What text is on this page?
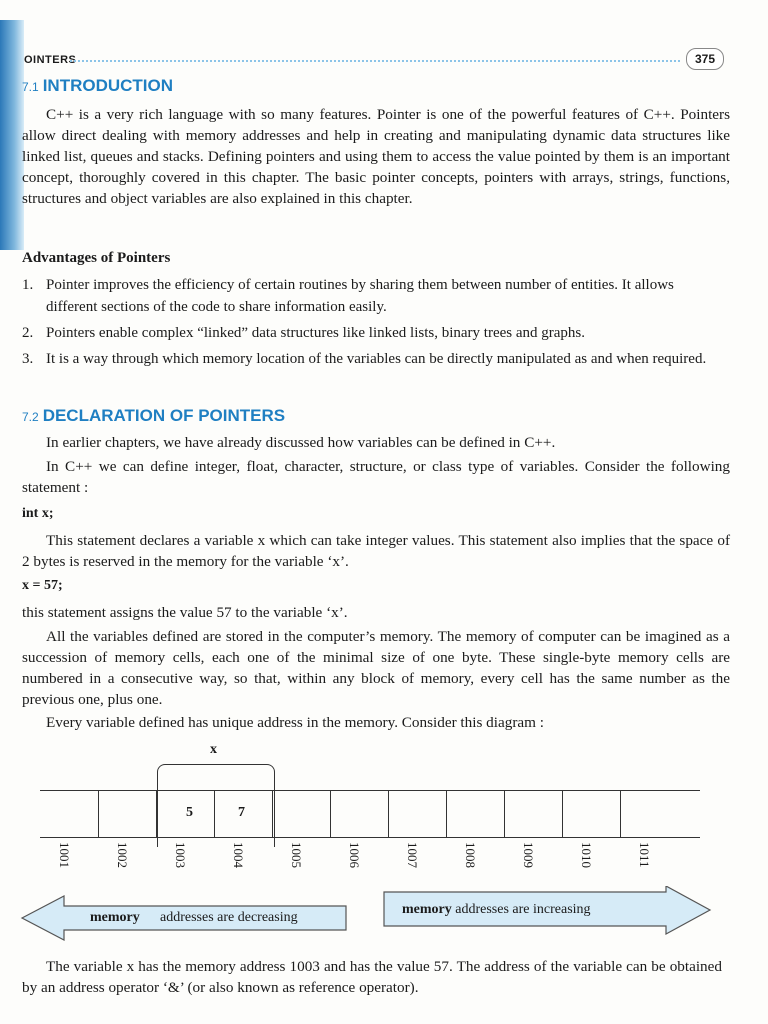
OINTERS	375
7.1 INTRODUCTION
C++ is a very rich language with so many features. Pointer is one of the powerful features of C++. Pointers allow direct dealing with memory addresses and help in creating and manipulating dynamic data structures like linked list, queues and stacks. Defining pointers and using them to access the value pointed by them is an important concept, thoroughly covered in this chapter. The basic pointer concepts, pointers with arrays, strings, functions, structures and object variables are also explained in this chapter.
Advantages of Pointers
1. Pointer improves the efficiency of certain routines by sharing them between number of entities. It allows different sections of the code to share information easily.
2. Pointers enable complex “linked” data structures like linked lists, binary trees and graphs.
3. It is a way through which memory location of the variables can be directly manipulated as and when required.
7.2 DECLARATION OF POINTERS
In earlier chapters, we have already discussed how variables can be defined in C++.
In C++ we can define integer, float, character, structure, or class type of variables. Consider the following statement :
int x;
This statement declares a variable x which can take integer values. This statement also implies that the space of 2 bytes is reserved in the memory for the variable ‘x’.
x = 57;
this statement assigns the value 57 to the variable ‘x’.
All the variables defined are stored in the computer’s memory. The memory of computer can be imagined as a succession of memory cells, each one of the minimal size of one byte. These single-byte memory cells are numbered in a consecutive way, so that, within any block of memory, every cell has the same number as the previous one, plus one.
Every variable defined has unique address in the memory. Consider this diagram :
x
5	7
1001	1002	1003	1004	1005	1006	1007	1008	1009	1010	1011
memory addresses are decreasing
memory addresses are increasing
The variable x has the memory address 1003 and has the value 57. The address of the variable can be obtained by an address operator ‘&’ (or also known as reference operator).
